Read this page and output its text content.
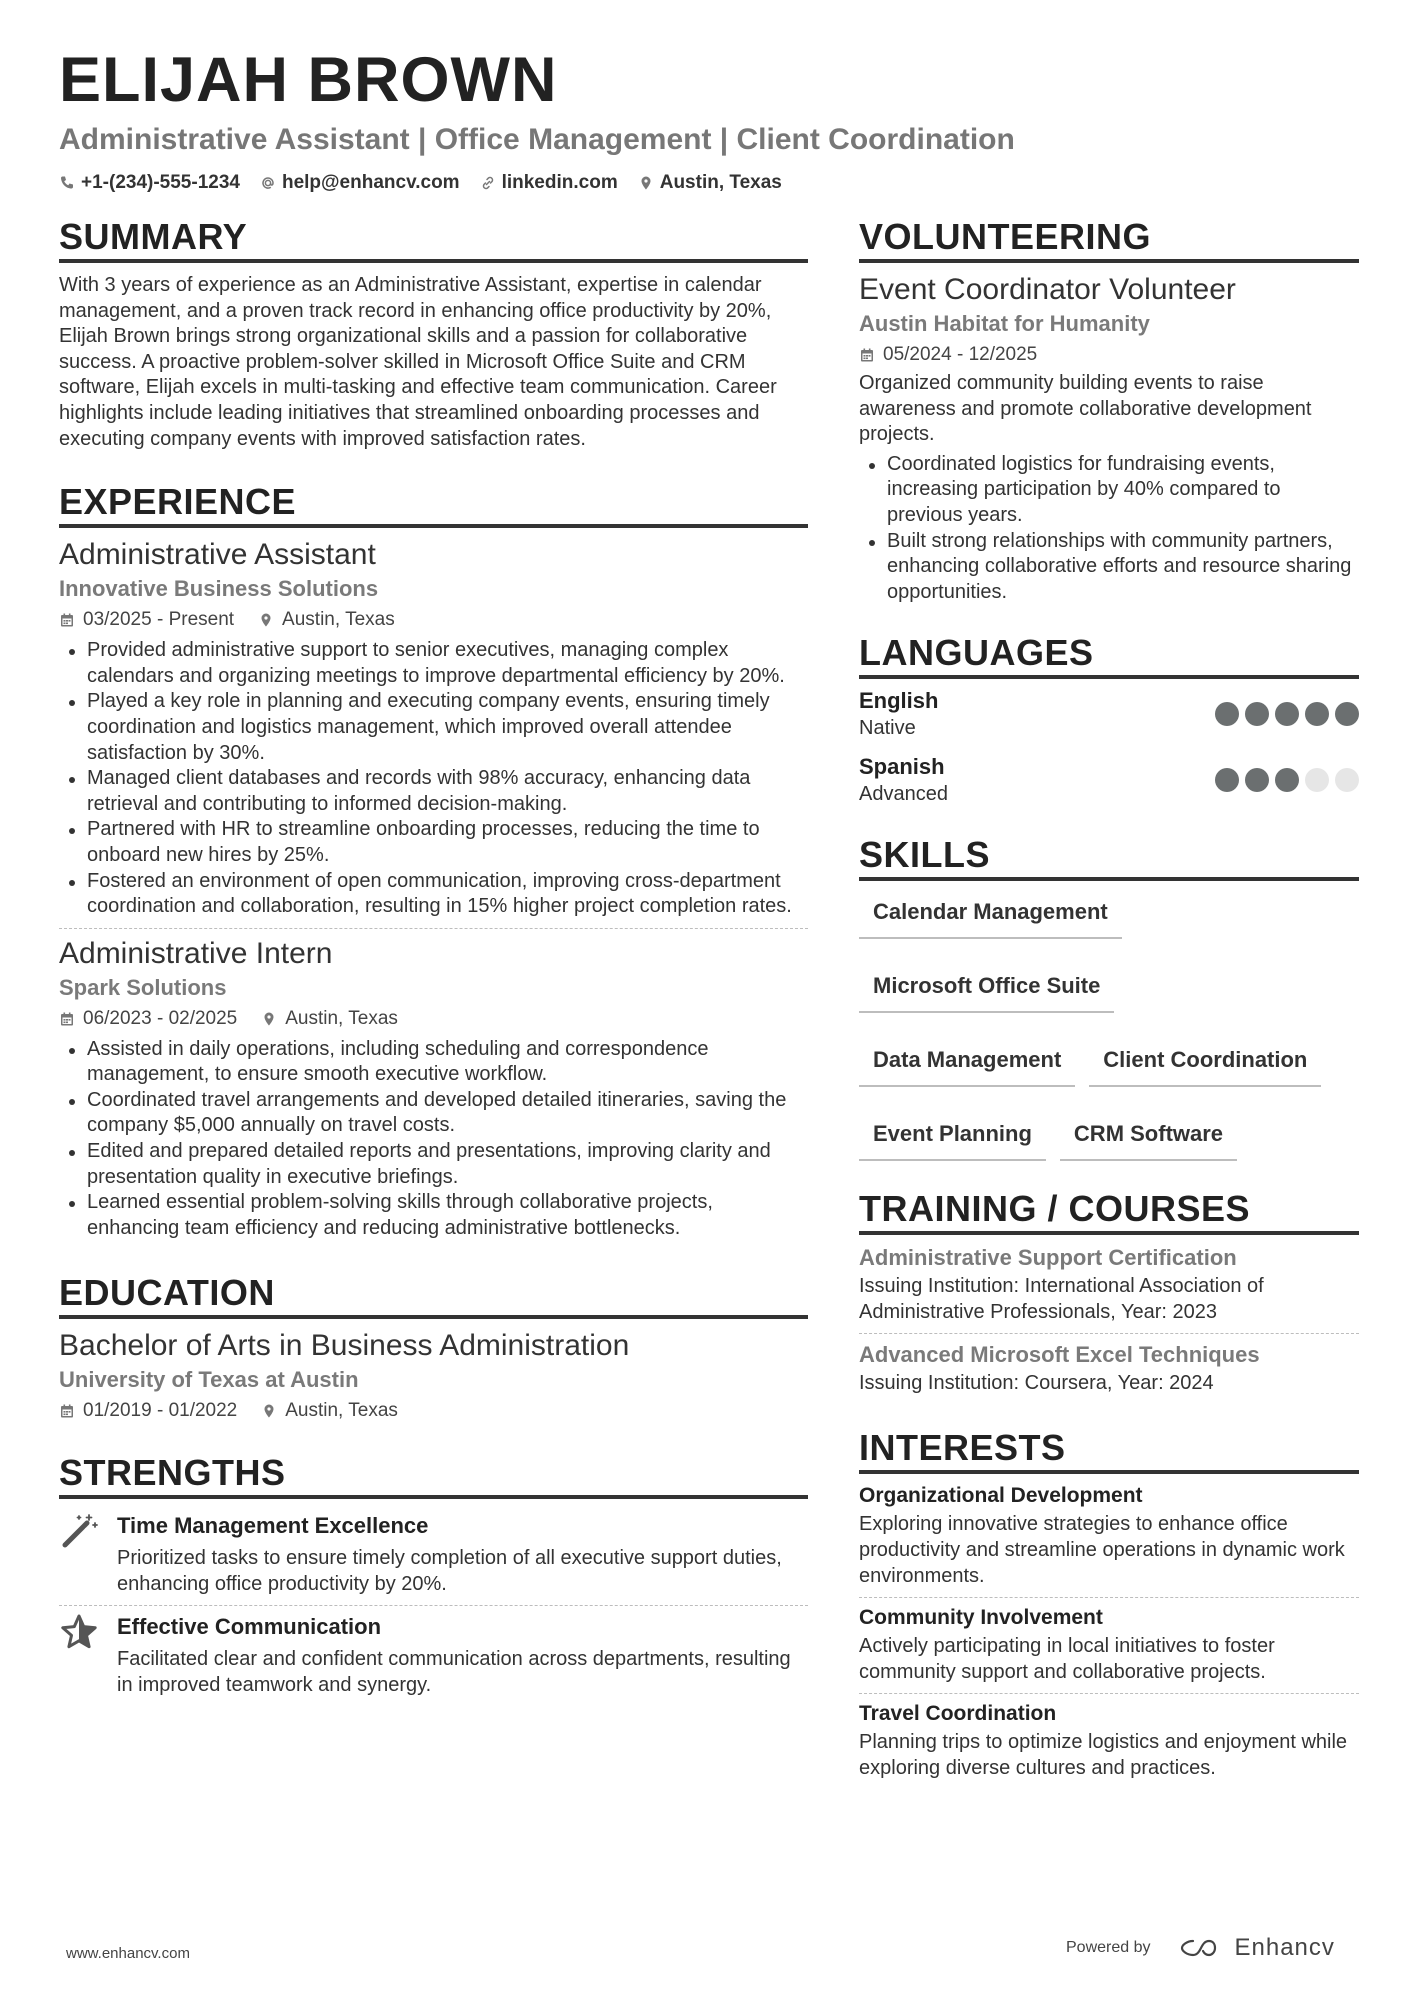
ELIJAH BROWN
Administrative Assistant | Office Management | Client Coordination
+1-(234)-555-1234 help@enhancv.com linkedin.com Austin, Texas
SUMMARY
With 3 years of experience as an Administrative Assistant, expertise in calendar management, and a proven track record in enhancing office productivity by 20%, Elijah Brown brings strong organizational skills and a passion for collaborative success. A proactive problem-solver skilled in Microsoft Office Suite and CRM software, Elijah excels in multi-tasking and effective team communication. Career highlights include leading initiatives that streamlined onboarding processes and executing company events with improved satisfaction rates.
EXPERIENCE
Administrative Assistant
Innovative Business Solutions
03/2025 - Present	Austin, Texas
Provided administrative support to senior executives, managing complex calendars and organizing meetings to improve departmental efficiency by 20%.
Played a key role in planning and executing company events, ensuring timely coordination and logistics management, which improved overall attendee satisfaction by 30%.
Managed client databases and records with 98% accuracy, enhancing data retrieval and contributing to informed decision-making.
Partnered with HR to streamline onboarding processes, reducing the time to onboard new hires by 25%.
Fostered an environment of open communication, improving cross-department coordination and collaboration, resulting in 15% higher project completion rates.
Administrative Intern
Spark Solutions
06/2023 - 02/2025	Austin, Texas
Assisted in daily operations, including scheduling and correspondence management, to ensure smooth executive workflow.
Coordinated travel arrangements and developed detailed itineraries, saving the company $5,000 annually on travel costs.
Edited and prepared detailed reports and presentations, improving clarity and presentation quality in executive briefings.
Learned essential problem-solving skills through collaborative projects, enhancing team efficiency and reducing administrative bottlenecks.
EDUCATION
Bachelor of Arts in Business Administration
University of Texas at Austin
01/2019 - 01/2022	Austin, Texas
STRENGTHS
Time Management Excellence
Prioritized tasks to ensure timely completion of all executive support duties, enhancing office productivity by 20%.
Effective Communication
Facilitated clear and confident communication across departments, resulting in improved teamwork and synergy.
VOLUNTEERING
Event Coordinator Volunteer
Austin Habitat for Humanity
05/2024 - 12/2025
Organized community building events to raise awareness and promote collaborative development projects.
Coordinated logistics for fundraising events, increasing participation by 40% compared to previous years.
Built strong relationships with community partners, enhancing collaborative efforts and resource sharing opportunities.
LANGUAGES
English
Native
Spanish
Advanced
SKILLS
Calendar Management
Microsoft Office Suite
Data Management	Client Coordination
Event Planning	CRM Software
TRAINING / COURSES
Administrative Support Certification
Issuing Institution: International Association of Administrative Professionals, Year: 2023
Advanced Microsoft Excel Techniques
Issuing Institution: Coursera, Year: 2024
INTERESTS
Organizational Development
Exploring innovative strategies to enhance office productivity and streamline operations in dynamic work environments.
Community Involvement
Actively participating in local initiatives to foster community support and collaborative projects.
Travel Coordination
Planning trips to optimize logistics and enjoyment while exploring diverse cultures and practices.
www.enhancv.com	Powered by	Enhancv
